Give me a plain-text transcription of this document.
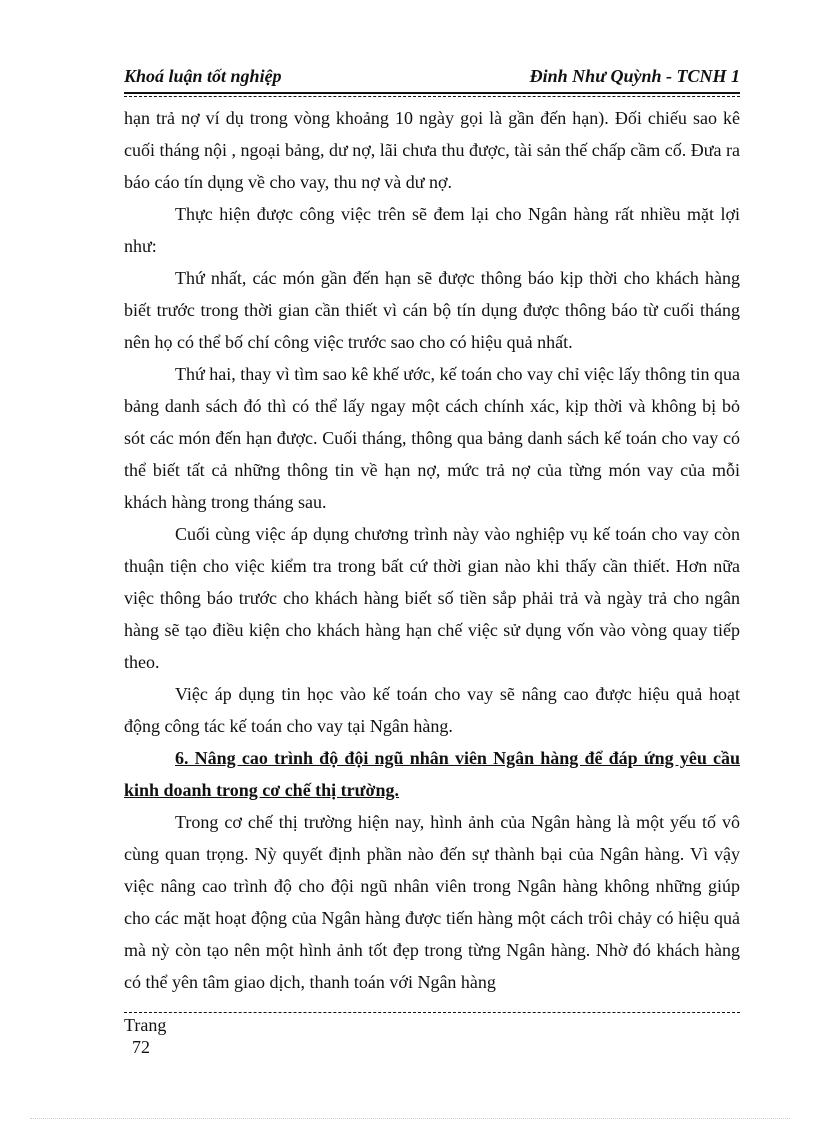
Khoá luận tốt nghiệp	Đinh Như Quỳnh - TCNH 1

hạn trả nợ ví dụ trong vòng khoảng 10 ngày gọi là gần đến hạn). Đối chiếu sao kê cuối tháng nội , ngoại bảng, dư nợ, lãi chưa thu được, tài sản thế chấp cầm cố. Đưa ra báo cáo tín dụng về cho vay, thu nợ và dư nợ.

Thực hiện được công việc trên sẽ đem lại cho Ngân hàng rất nhiều mặt lợi như:

Thứ nhất, các món gần đến hạn sẽ được thông báo kịp thời cho khách hàng biết trước trong thời gian cần thiết vì cán bộ tín dụng được thông báo từ cuối tháng nên họ có thể bố chí công việc trước sao cho có hiệu quả nhất.

Thứ hai, thay vì tìm sao kê khế ước, kế toán cho vay chỉ việc lấy thông tin qua bảng danh sách đó thì có thể lấy ngay một cách chính xác, kịp thời và không bị bỏ sót các món đến hạn được. Cuối tháng, thông qua bảng danh sách kế toán cho vay có thể biết tất cả những thông tin về hạn nợ, mức trả nợ của từng món vay của mỗi khách hàng trong tháng sau.

Cuối cùng việc áp dụng chương trình này vào nghiệp vụ kế toán cho vay còn thuận tiện cho việc kiểm tra trong bất cứ thời gian nào khi thấy cần thiết. Hơn nữa việc thông báo trước cho khách hàng biết số tiền sắp phải trả và ngày trả cho ngân hàng sẽ tạo điều kiện cho khách hàng hạn chế việc sử dụng vốn vào vòng quay tiếp theo.

Việc áp dụng tin học vào kế toán cho vay sẽ nâng cao được hiệu quả hoạt động công tác kế toán cho vay tại Ngân hàng.

6. Nâng cao trình độ đội ngũ nhân viên Ngân hàng để đáp ứng yêu cầu kinh doanh trong cơ chế thị trường.

Trong cơ chế thị trường hiện nay, hình ảnh của Ngân hàng là một yếu tố vô cùng quan trọng. Nỳ quyết định phần nào đến sự thành bại của Ngân hàng. Vì vậy việc nâng cao trình độ cho đội ngũ nhân viên trong Ngân hàng không những giúp cho các mặt hoạt động của Ngân hàng được tiến hàng một cách trôi chảy có hiệu quả mà nỳ còn tạo nên một hình ảnh tốt đẹp trong từng Ngân hàng. Nhờ đó khách hàng có thể yên tâm giao dịch, thanh toán với Ngân hàng

Trang
72
